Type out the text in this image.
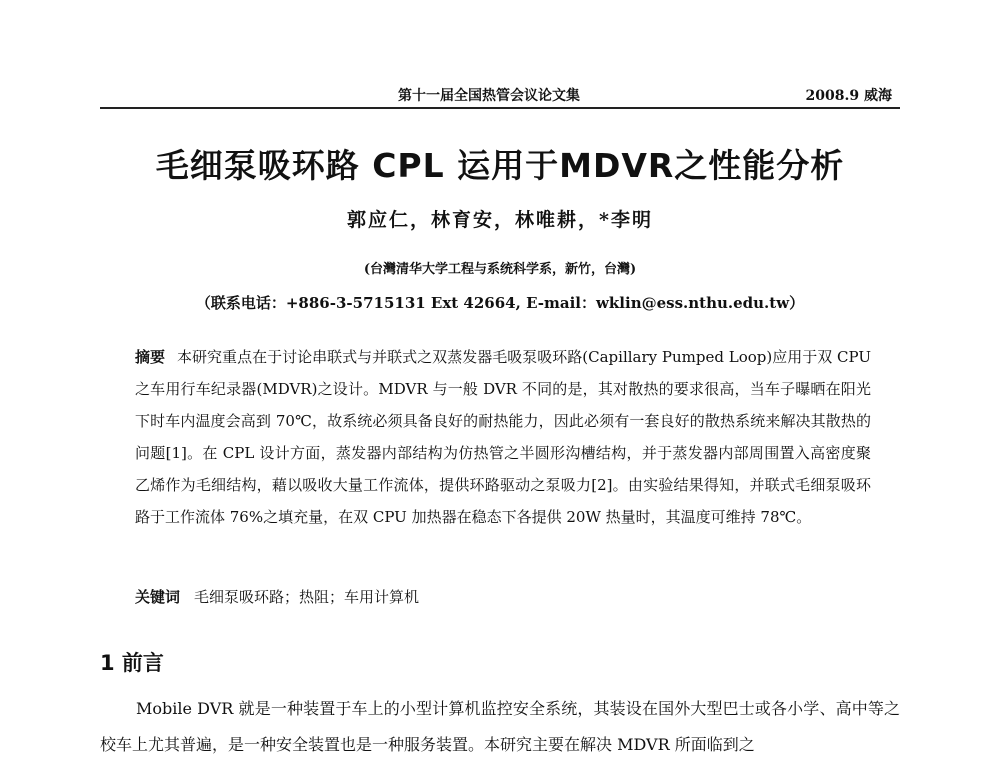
第十一届全国热管会议论文集	2008.9 威海
毛细泵吸环路 CPL 运用于MDVR之性能分析
郭应仁，林育安，林唯耕，*李明
(台灣清华大学工程与系统科学系，新竹，台灣)
（联系电话：+886-3-5715131 Ext 42664, E-mail：wklin@ess.nthu.edu.tw）
摘要 本研究重点在于讨论串联式与并联式之双蒸发器毛吸泵吸环路(Capillary Pumped Loop)应用于双 CPU 之车用行车纪录器(MDVR)之设计。MDVR 与一般 DVR 不同的是，其对散热的要求很高，当车子曝晒在阳光下时车内温度会高到 70℃，故系统必须具备良好的耐热能力，因此必须有一套良好的散热系统来解决其散热的问题[1]。在 CPL 设计方面，蒸发器内部结构为仿热管之半圆形沟槽结构，并于蒸发器内部周围置入高密度聚乙烯作为毛细结构，藉以吸收大量工作流体，提供环路驱动之泵吸力[2]。由实验结果得知，并联式毛细泵吸环路于工作流体 76%之填充量，在双 CPU 加热器在稳态下各提供 20W 热量时，其温度可维持 78℃。
关键词 毛细泵吸环路；热阻；车用计算机
1 前言
Mobile DVR 就是一种装置于车上的小型计算机监控安全系统，其装设在国外大型巴士或各小学、高中等之校车上尤其普遍，是一种安全装置也是一种服务装置。本研究主要在解决 MDVR 所面临到之
